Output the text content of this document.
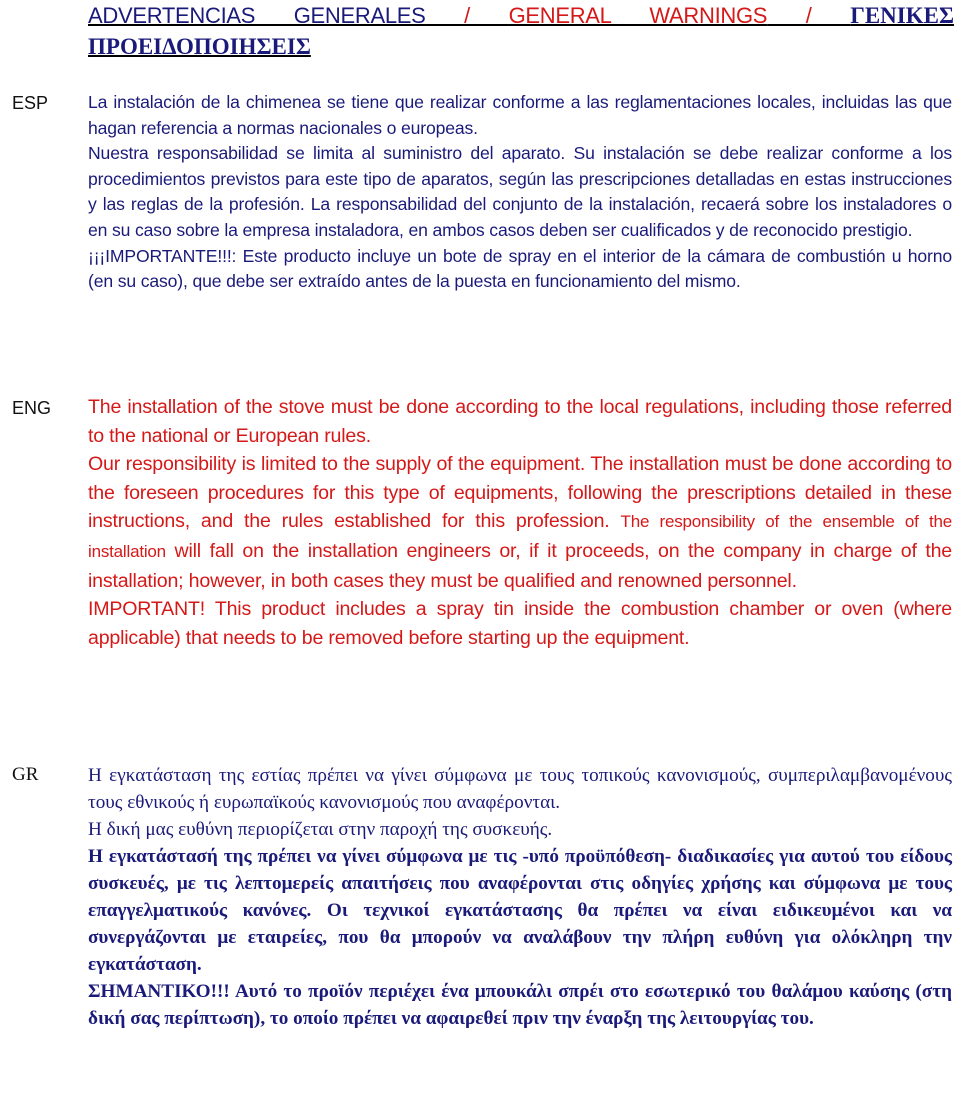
ADVERTENCIAS GENERALES / GENERAL WARNINGS / ΓΕΝΙΚΕΣ ΠΡΟΕΙΔΟΠΟΙΗΣΕΙΣ
ESP	La instalación de la chimenea se tiene que realizar conforme a las reglamentaciones locales, incluidas las que hagan referencia a normas nacionales o europeas.

Nuestra responsabilidad se limita al suministro del aparato. Su instalación se debe realizar conforme a los procedimientos previstos para este tipo de aparatos, según las prescripciones detalladas en estas instrucciones y las reglas de la profesión. La responsabilidad del conjunto de la instalación, recaerá sobre los instaladores o en su caso sobre la empresa instaladora, en ambos casos deben ser cualificados y de reconocido prestigio.

¡¡¡IMPORTANTE!!!: Este producto incluye un bote de spray en el interior de la cámara de combustión u horno (en su caso), que debe ser extraído antes de la puesta en funcionamiento del mismo.

ENG	The installation of the stove must be done according to the local regulations, including those referred to the national or European rules.

Our responsibility is limited to the supply of the equipment. The installation must be done according to the foreseen procedures for this type of equipments, following the prescriptions detailed in these instructions, and the rules established for this profession. The responsibility of the ensemble of the installation will fall on the installation engineers or, if it proceeds, on the company in charge of the installation; however, in both cases they must be qualified and renowned personnel.

IMPORTANT! This product includes a spray tin inside the combustion chamber or oven (where applicable) that needs to be removed before starting up the equipment.

GR	Η εγκατάσταση της εστίας πρέπει να γίνει σύμφωνα με τους τοπικούς κανονισμούς, συμπεριλαμβανομένους τους εθνικούς ή ευρωπαϊκούς κανονισμούς που αναφέρονται.

Η δική μας ευθύνη περιορίζεται στην παροχή της συσκευής.

Η εγκατάστασή της πρέπει να γίνει σύμφωνα με τις -υπό προϋπόθεση- διαδικασίες για αυτού του είδους συσκευές, με τις λεπτομερείς απαιτήσεις που αναφέρονται στις οδηγίες χρήσης και σύμφωνα με τους επαγγελματικούς κανόνες. Οι τεχνικοί εγκατάστασης θα πρέπει να είναι ειδικευμένοι και να συνεργάζονται με εταιρείες, που θα μπορούν να αναλάβουν την πλήρη ευθύνη για ολόκληρη την εγκατάσταση.

ΣΗΜΑΝΤΙΚΟ!!! Αυτό το προϊόν περιέχει ένα μπουκάλι σπρέι στο εσωτερικό του θαλάμου καύσης (στη δική σας περίπτωση), το οποίο πρέπει να αφαιρεθεί πριν την έναρξη της λειτουργίας του.
